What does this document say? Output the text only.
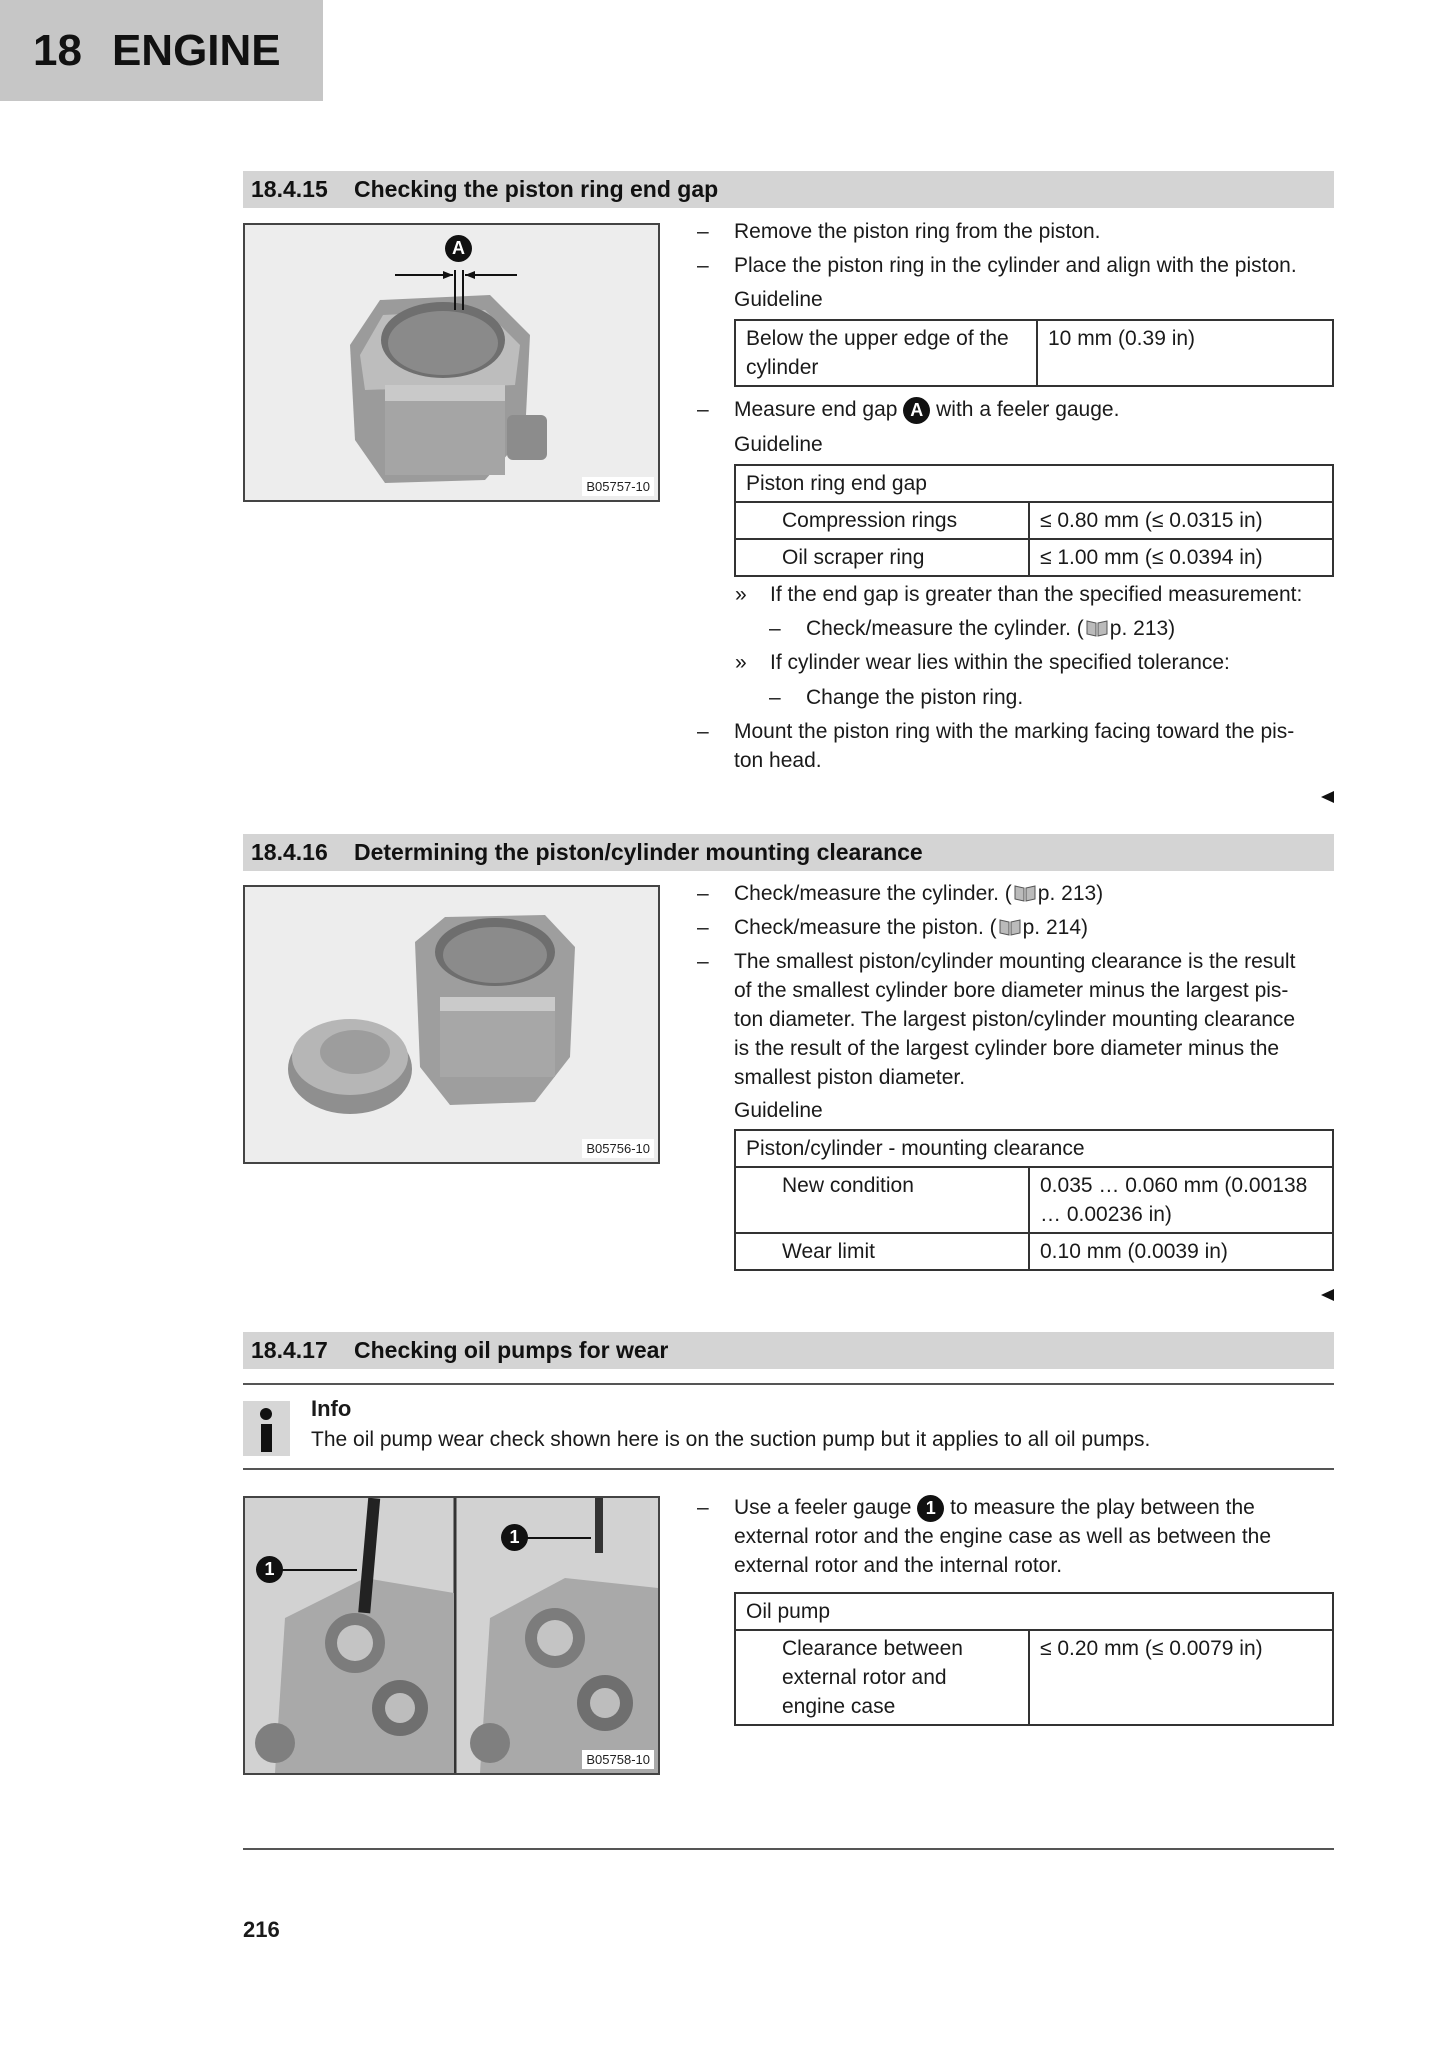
18 ENGINE
18.4.15	Checking the piston ring end gap
A
B05757-10
– Remove the piston ring from the piston.
– Place the piston ring in the cylinder and align with the piston.
Guideline
Below the upper edge of the cylinder	10 mm (0.39 in)
– Measure end gap A with a feeler gauge.
Guideline
Piston ring end gap	
Compression rings	≤ 0.80 mm (≤ 0.0315 in)
Oil scraper ring	≤ 1.00 mm (≤ 0.0394 in)
» If the end gap is greater than the specified measurement:
– Check/measure the cylinder. ( p. 213)
» If cylinder wear lies within the specified tolerance:
– Change the piston ring.
– Mount the piston ring with the marking facing toward the pis-
ton head.
18.4.16	Determining the piston/cylinder mounting clearance
B05756-10
– Check/measure the cylinder. ( p. 213)
– Check/measure the piston. ( p. 214)
– The smallest piston/cylinder mounting clearance is the result
of the smallest cylinder bore diameter minus the largest pis-
ton diameter. The largest piston/cylinder mounting clearance
is the result of the largest cylinder bore diameter minus the
smallest piston diameter.
Guideline
Piston/cylinder - mounting clearance	
New condition	0.035 … 0.060 mm (0.00138
… 0.00236 in)

Wear limit	0.10 mm (0.0039 in)
18.4.17	Checking oil pumps for wear
Info
The oil pump wear check shown here is on the suction pump but it applies to all oil pumps.
1
1
B05758-10
– Use a feeler gauge 1 to measure the play between the
external rotor and the engine case as well as between the
external rotor and the internal rotor.
Oil pump

Clearance between
external rotor and
engine case
	≤ 0.20 mm (≤ 0.0079 in)
216
